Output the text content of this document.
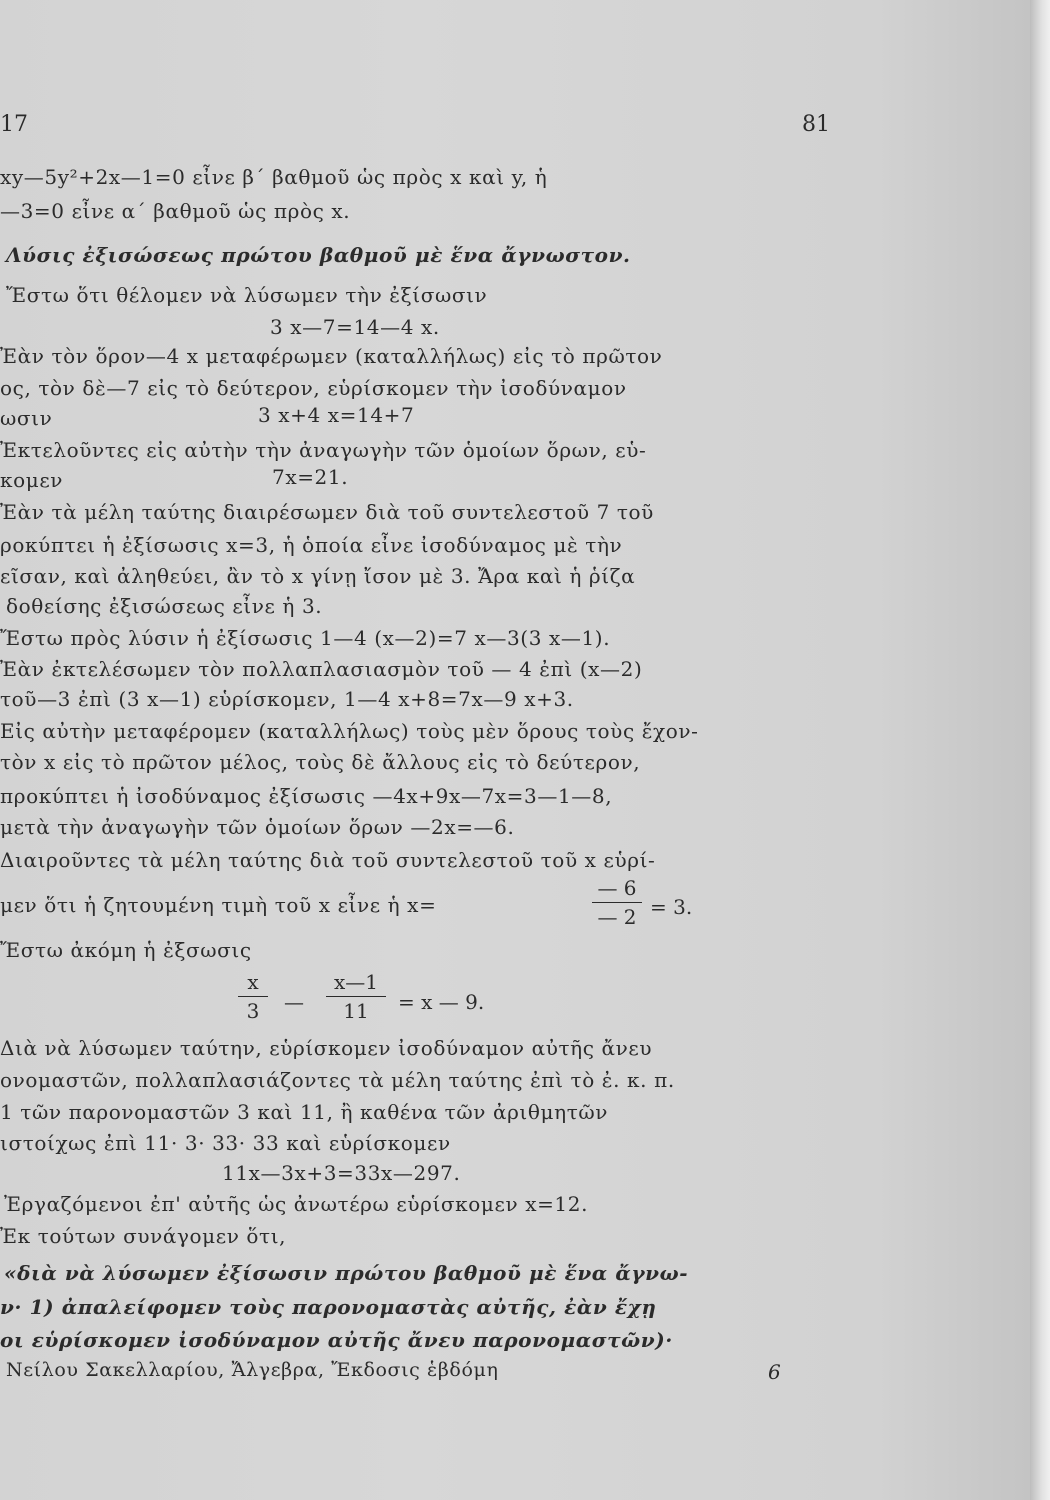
17	81
xy—5y²+2x—1=0 εἶνε β΄ βαθμοῦ ὡς πρὸς x καὶ y, ἡ
—3=0 εἶνε α΄ βαθμοῦ ὡς πρὸς x.
Λύσις ἐξισώσεως πρώτου βαθμοῦ μὲ ἕνα ἄγνωστον.
Ἔστω ὅτι θέλομεν νὰ λύσωμεν τὴν ἐξίσωσιν
3 x—7=14—4 x.
Ἐὰν τὸν ὅρον—4 x μεταφέρωμεν (καταλλήλως) εἰς τὸ πρῶτον
ος, τὸν δὲ—7 εἰς τὸ δεύτερον, εὑρίσκομεν τὴν ἰσοδύναμον
ωσιν	3 x+4 x=14+7
Ἐκτελοῦντες εἰς αὐτὴν τὴν ἀναγωγὴν τῶν ὁμοίων ὅρων, εὑ-
κομεν	7x=21.
Ἐὰν τὰ μέλη ταύτης διαιρέσωμεν διὰ τοῦ συντελεστοῦ 7 τοῦ
ροκύπτει ἡ ἐξίσωσις x=3, ἡ ὁποία εἶνε ἰσοδύναμος μὲ τὴν
εῖσαν, καὶ ἀληθεύει, ἂν τὸ x γίνῃ ἴσον μὲ 3. Ἄρα καὶ ἡ ῥίζα
δοθείσης ἐξισώσεως εἶνε ἡ 3.
Ἔστω πρὸς λύσιν ἡ ἐξίσωσις 1—4 (x—2)=7 x—3(3 x—1).
Ἐὰν ἐκτελέσωμεν τὸν πολλαπλασιασμὸν τοῦ — 4 ἐπὶ (x—2)
τοῦ—3 ἐπὶ (3 x—1) εὑρίσκομεν, 1—4 x+8=7x—9 x+3.
Εἰς αὐτὴν μεταφέρομεν (καταλλήλως) τοὺς μὲν ὅρους τοὺς ἔχον-
τὸν x εἰς τὸ πρῶτον μέλος, τοὺς δὲ ἄλλους εἰς τὸ δεύτερον,
προκύπτει ἡ ἰσοδύναμος ἐξίσωσις —4x+9x—7x=3—1—8,
μετὰ τὴν ἀναγωγὴν τῶν ὁμοίων ὅρων —2x=—6.
Διαιροῦντες τὰ μέλη ταύτης διὰ τοῦ συντελεστοῦ τοῦ x εὑρί-
μεν ὅτι ἡ ζητουμένη τιμὴ τοῦ x εἶνε ἡ x=
— 6
— 2 = 3.
Ἔστω ἀκόμη ἡ ἐξσωσις
x
3	—
x—1
11	= x — 9.
Διὰ νὰ λύσωμεν ταύτην, εὑρίσκομεν ἰσοδύναμον αὐτῆς ἄνευ
ονομαστῶν, πολλαπλασιάζοντες τὰ μέλη ταύτης ἐπὶ τὸ ἐ. κ. π.
1 τῶν παρονομαστῶν 3 καὶ 11, ἢ καθένα τῶν ἀριθμητῶν
ιστοίχως ἐπὶ 11· 3· 33· 33 καὶ εὑρίσκομεν
11x—3x+3=33x—297.
Ἐργαζόμενοι ἐπ' αὐτῆς ὡς ἀνωτέρω εὑρίσκομεν x=12.
Ἐκ τούτων συνάγομεν ὅτι,
«διὰ νὰ λύσωμεν ἐξίσωσιν πρώτου βαθμοῦ μὲ ἕνα ἄγνω-
ν· 1) ἀπαλείφομεν τοὺς παρονομαστὰς αὐτῆς, ἐὰν ἔχῃ
οι εὑρίσκομεν ἰσοδύναμον αὐτῆς ἄνευ παρονομαστῶν)·
Νείλου Σακελλαρίου, Ἄλγεβρα, Ἔκδοσις ἑβδόμη	6
